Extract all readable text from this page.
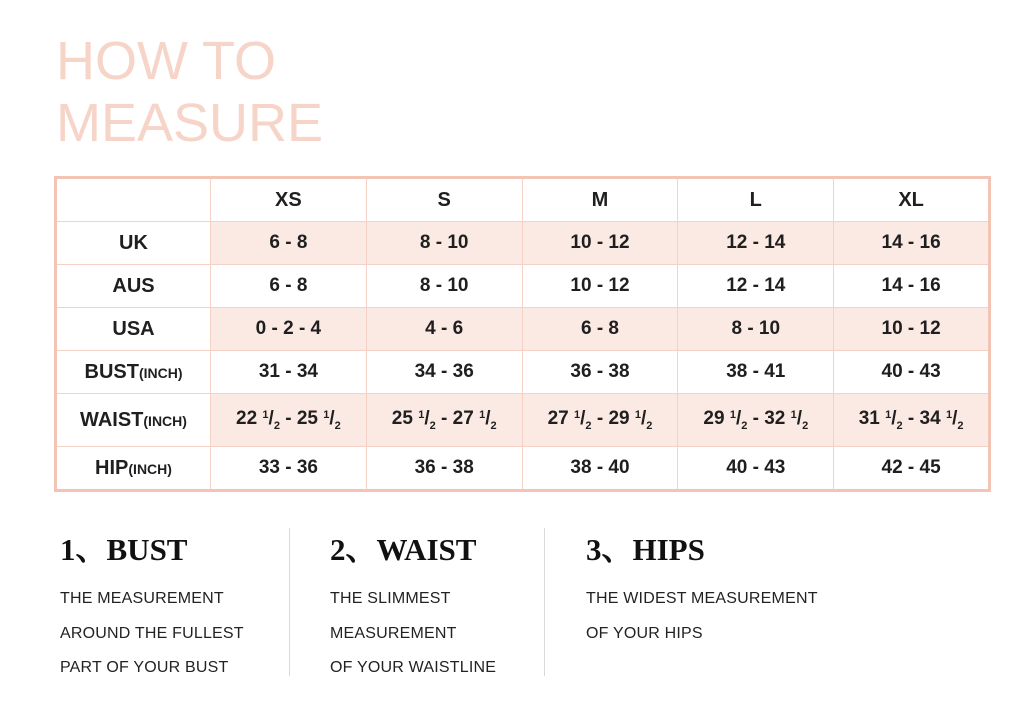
HOW TO
MEASURE
	XS	S	M	L	XL
UK	6 - 8	8 - 10	10 - 12	12 - 14	14 - 16
AUS	6 - 8	8 - 10	10 - 12	12 - 14	14 - 16
USA	0 - 2 - 4	4 - 6	6 - 8	8 - 10	10 - 12
BUST(INCH)	31 - 34	34 - 36	36 - 38	38 - 41	40 - 43
WAIST(INCH)	22 $^1/_2 - 25$ $^1/_2$	25 $^1/_2 - 27$ $^1/_2$	27 $^1/_2 - 29$ $^1/_2$	29 $^1/_2 - 32$ $^1/_2$	31 $^1/_2 - 34$ $^1/_2$
HIP(INCH)	33 - 36	36 - 38	38 - 40	40 - 43	42 - 45
1、BUST

THE MEASUREMENT

AROUND THE FULLEST

PART OF YOUR BUST

2、WAIST

THE SLIMMEST

MEASUREMENT

OF YOUR WAISTLINE

3、HIPS

THE WIDEST MEASUREMENT

OF YOUR HIPS
